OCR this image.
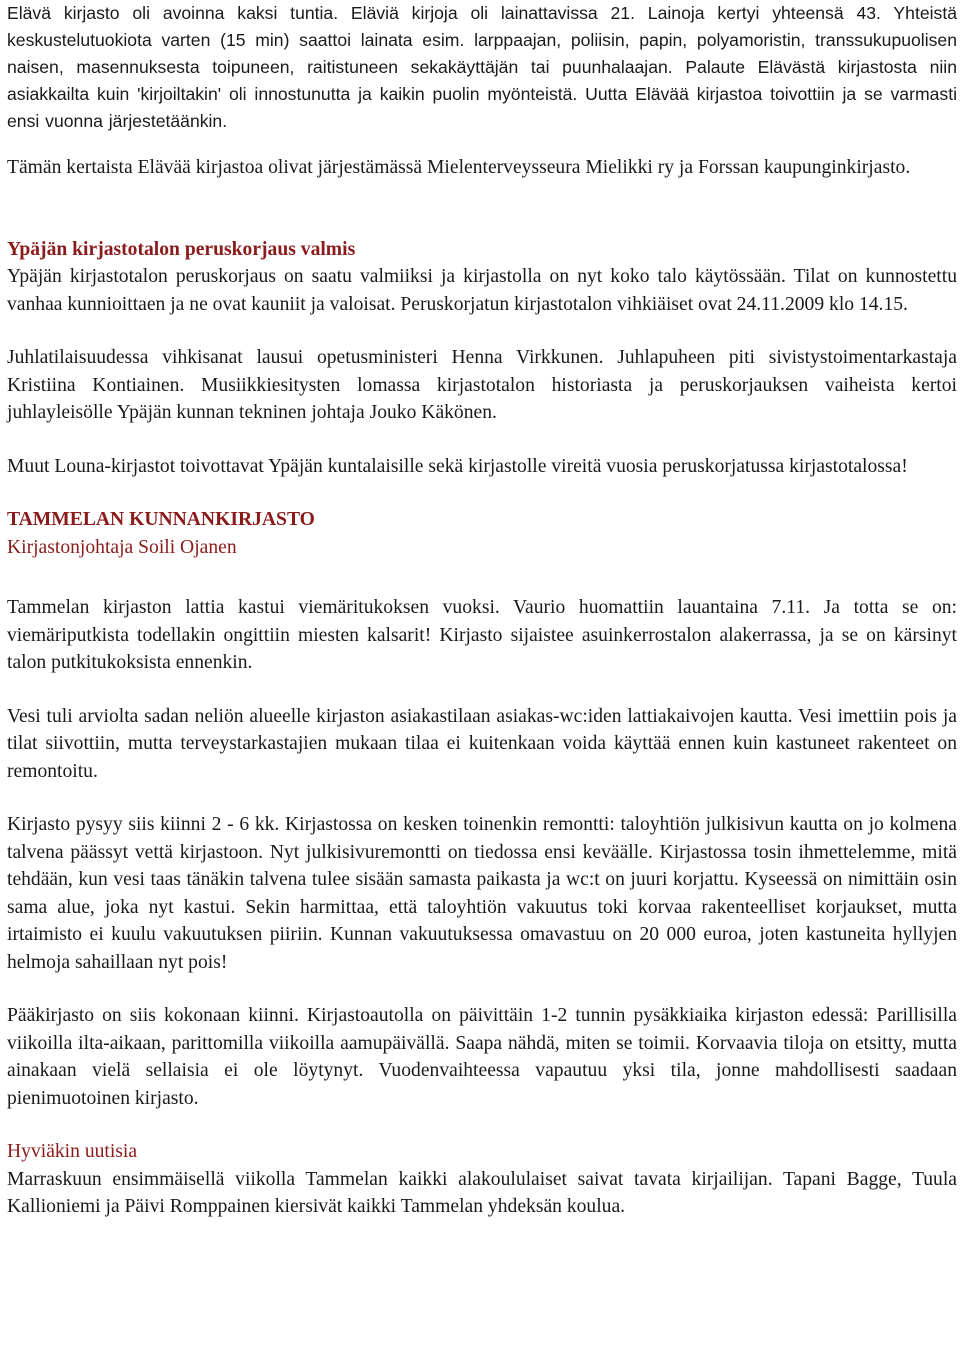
Elävä kirjasto oli avoinna kaksi tuntia. Eläviä kirjoja oli lainattavissa 21. Lainoja kertyi yhteensä 43. Yhteistä keskustelutuokiota varten (15 min) saattoi lainata esim. larppaajan, poliisin, papin, polyamoristin, transsukupuolisen naisen, masennuksesta toipuneen, raitistuneen sekakäyttäjän tai puunhalaajan. Palaute Elävästä kirjastosta niin asiakkailta kuin 'kirjoiltakin' oli innostunutta ja kaikin puolin myönteistä. Uutta Elävää kirjastoa toivottiin ja se varmasti ensi vuonna järjestetäänkin.

Tämän kertaista Elävää kirjastoa olivat järjestämässä Mielenterveysseura Mielikki ry ja Forssan kaupunginkirjasto.

Ypäjän kirjastotalon peruskorjaus valmis

Ypäjän kirjastotalon peruskorjaus on saatu valmiiksi ja kirjastolla on nyt koko talo käytössään. Tilat on kunnostettu vanhaa kunnioittaen ja ne ovat kauniit ja valoisat. Peruskorjatun kirjastotalon vihkiäiset ovat 24.11.2009 klo 14.15.

Juhlatilaisuudessa vihkisanat lausui opetusministeri Henna Virkkunen. Juhlapuheen piti sivistystoimentarkastaja Kristiina Kontiainen. Musiikkiesitysten lomassa kirjastotalon historiasta ja peruskorjauksen vaiheista kertoi juhlayleisölle Ypäjän kunnan tekninen johtaja Jouko Käkönen.

Muut Louna-kirjastot toivottavat Ypäjän kuntalaisille sekä kirjastolle vireitä vuosia peruskorjatussa kirjastotalossa!

TAMMELAN KUNNANKIRJASTO
Kirjastonjohtaja Soili Ojanen

Tammelan kirjaston lattia kastui viemäritukoksen vuoksi. Vaurio huomattiin lauantaina 7.11. Ja totta se on: viemäriputkista todellakin ongittiin miesten kalsarit! Kirjasto sijaistee asuinkerrostalon alakerrassa, ja se on kärsinyt talon putkitukoksista ennenkin.

Vesi tuli arviolta sadan neliön alueelle kirjaston asiakastilaan asiakas-wc:iden lattiakaivojen kautta. Vesi imettiin pois ja tilat siivottiin, mutta terveystarkastajien mukaan tilaa ei kuitenkaan voida käyttää ennen kuin kastuneet rakenteet on remontoitu.

Kirjasto pysyy siis kiinni 2 - 6 kk. Kirjastossa on kesken toinenkin remontti: taloyhtiön julkisivun kautta on jo kolmena talvena päässyt vettä kirjastoon. Nyt julkisivuremontti on tiedossa ensi keväälle. Kirjastossa tosin ihmettelemme, mitä tehdään, kun vesi taas tänäkin talvena tulee sisään samasta paikasta ja wc:t on juuri korjattu. Kyseessä on nimittäin osin sama alue, joka nyt kastui. Sekin harmittaa, että taloyhtiön vakuutus toki korvaa rakenteelliset korjaukset, mutta irtaimisto ei kuulu vakuutuksen piiriin. Kunnan vakuutuksessa omavastuu on 20 000 euroa, joten kastuneita hyllyjen helmoja sahaillaan nyt pois!

Pääkirjasto on siis kokonaan kiinni. Kirjastoautolla on päivittäin 1-2 tunnin pysäkkiaika kirjaston edessä: Parillisilla viikoilla ilta-aikaan, parittomilla viikoilla aamupäivällä. Saapa nähdä, miten se toimii. Korvaavia tiloja on etsitty, mutta ainakaan vielä sellaisia ei ole löytynyt. Vuodenvaihteessa vapautuu yksi tila, jonne mahdollisesti saadaan pienimuotoinen kirjasto.

Hyviäkin uutisia

Marraskuun ensimmäisellä viikolla Tammelan kaikki alakoululaiset saivat tavata kirjailijan. Tapani Bagge, Tuula Kallioniemi ja Päivi Romppainen kiersivät kaikki Tammelan yhdeksän koulua.
